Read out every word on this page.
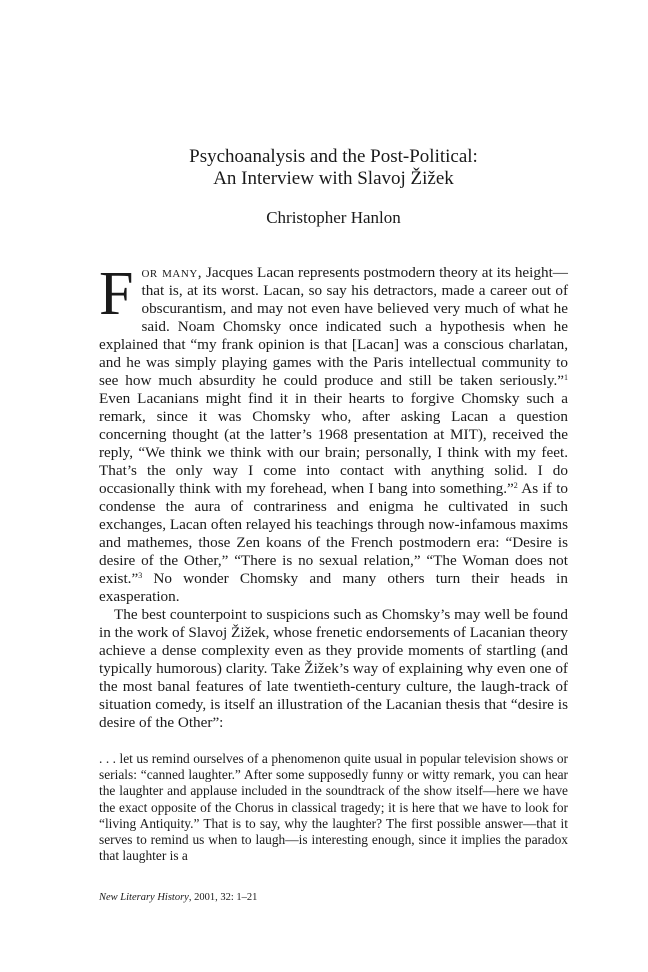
Psychoanalysis and the Post-Political:
An Interview with Slavoj Žižek
Christopher Hanlon

For many, Jacques Lacan represents postmodern theory at its height—that is, at its worst. Lacan, so say his detractors, made a career out of obscurantism, and may not even have believed very much of what he said. Noam Chomsky once indicated such a hypothesis when he explained that “my frank opinion is that [Lacan] was a conscious charlatan, and he was simply playing games with the Paris intellectual community to see how much absurdity he could produce and still be taken seriously.”$^1$ Even Lacanians might find it in their hearts to forgive Chomsky such a remark, since it was Chomsky who, after asking Lacan a question concerning thought (at the latter’s 1968 presentation at MIT), received the reply, “We think we think with our brain; personally, I think with my feet. That’s the only way I come into contact with anything solid. I do occasionally think with my forehead, when I bang into something.”$^2$ As if to condense the aura of contrariness and enigma he cultivated in such exchanges, Lacan often relayed his teachings through now-infamous maxims and mathemes, those Zen koans of the French postmodern era: “Desire is desire of the Other,” “There is no sexual relation,” “The Woman does not exist.”$^3$ No wonder Chomsky and many others turn their heads in exasperation.

The best counterpoint to suspicions such as Chomsky’s may well be found in the work of Slavoj Žižek, whose frenetic endorsements of Lacanian theory achieve a dense complexity even as they provide moments of startling (and typically humorous) clarity. Take Žižek’s way of explaining why even one of the most banal features of late twentieth-century culture, the laugh-track of situation comedy, is itself an illustration of the Lacanian thesis that “desire is desire of the Other”:

. . . let us remind ourselves of a phenomenon quite usual in popular television shows or serials: “canned laughter.” After some supposedly funny or witty remark, you can hear the laughter and applause included in the soundtrack of the show itself—here we have the exact opposite of the Chorus in classical tragedy; it is here that we have to look for “living Antiquity.” That is to say, why the laughter? The first possible answer—that it serves to remind us when to laugh—is interesting enough, since it implies the paradox that laughter is a
New Literary History, 2001, 32: 1–21
